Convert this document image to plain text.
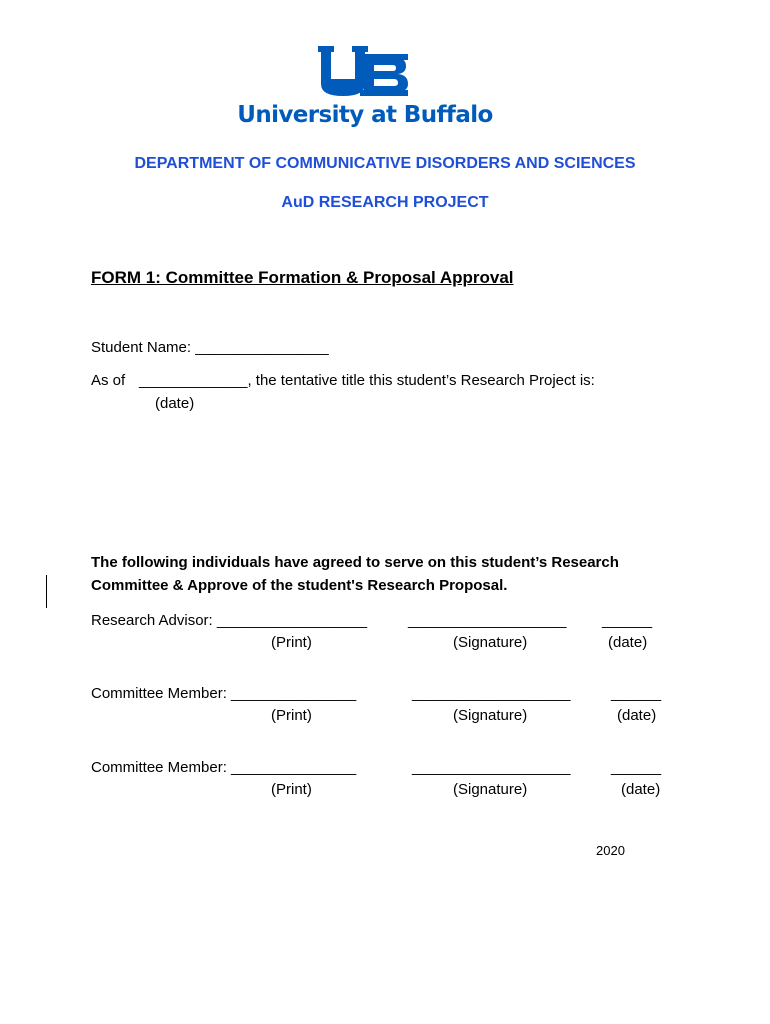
University at Buffalo
DEPARTMENT OF COMMUNICATIVE DISORDERS AND SCIENCES
AuD RESEARCH PROJECT
FORM 1: Committee Formation & Proposal Approval
Student Name: ________________
As of _____________, the tentative title this student’s Research Project is:
(date)
The following individuals have agreed to serve on this student’s Research
Committee & Approve of the student's Research Proposal.
Research Advisor: __________________	___________________ ______
(Print)	(Signature)	(date)
Committee Member: _______________	___________________	______
(Print)	(Signature)	(date)
Committee Member: _______________	___________________	______
(Print)	(Signature)	(date)
2020
